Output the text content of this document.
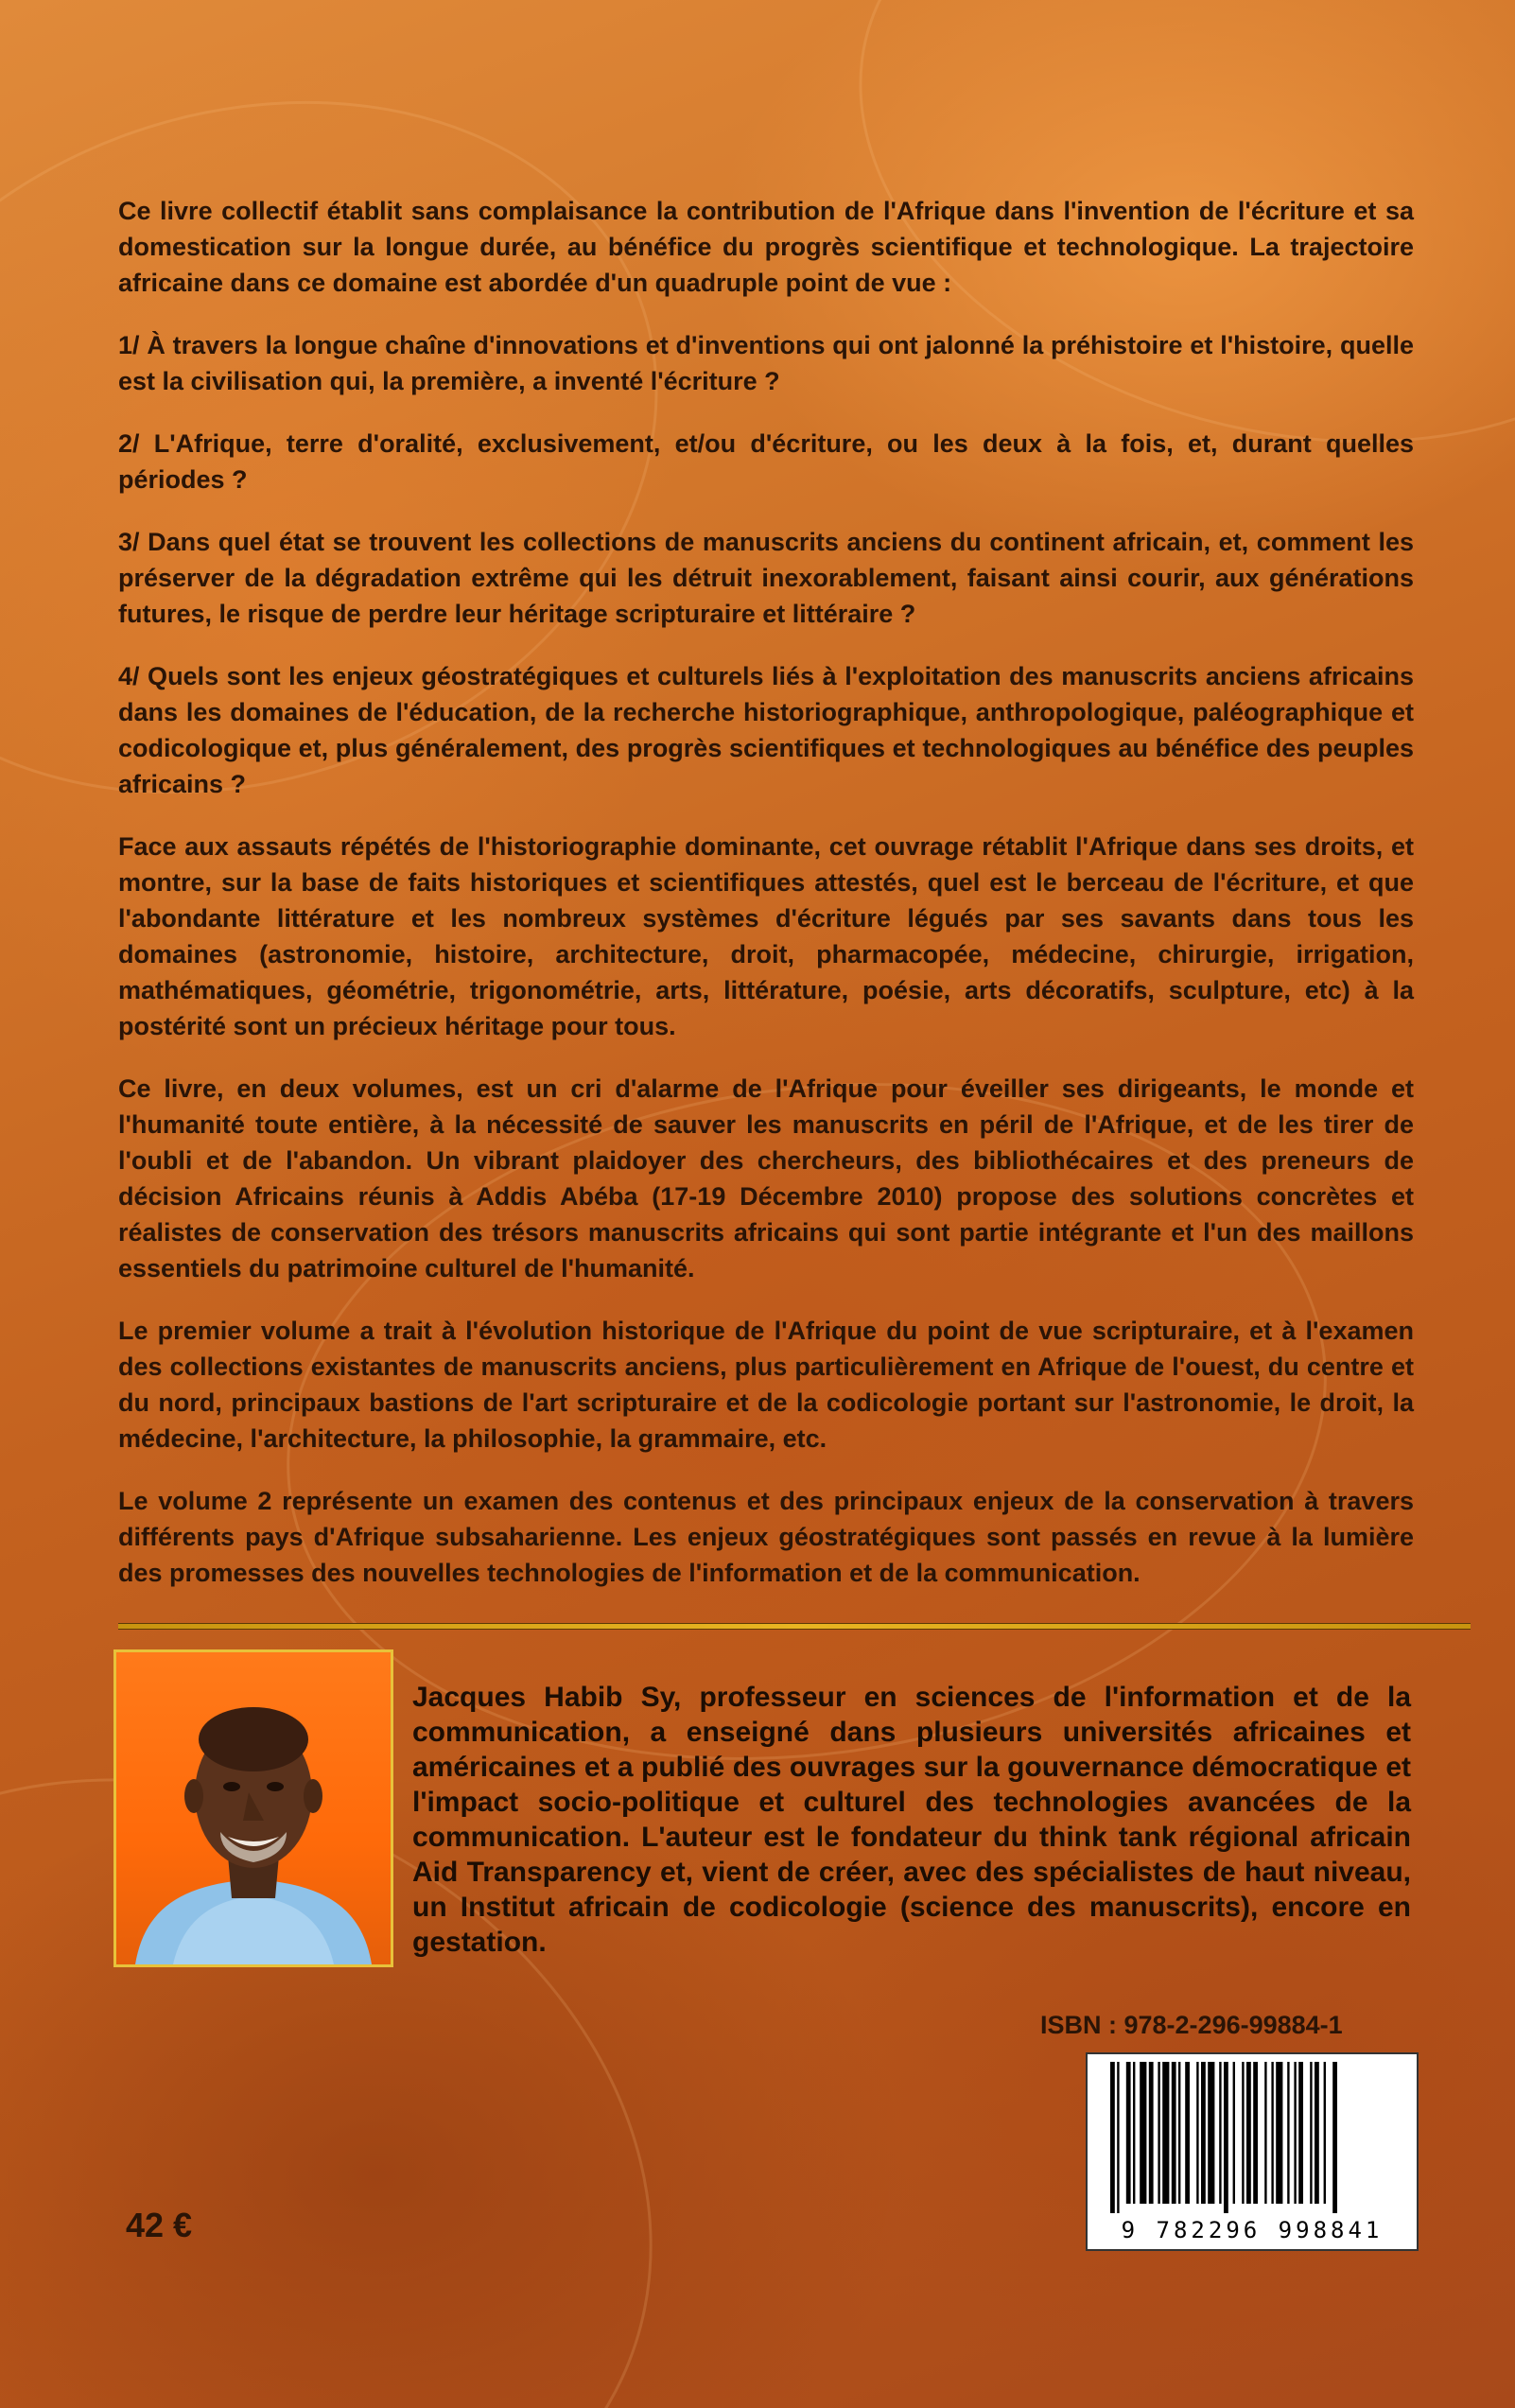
Ce livre collectif établit sans complaisance la contribution de l'Afrique dans l'invention de l'écriture et sa domestication sur la longue durée, au bénéfice du progrès scientifique et technologique. La trajectoire africaine dans ce domaine est abordée d'un quadruple point de vue :

1/ À travers la longue chaîne d'innovations et d'inventions qui ont jalonné la préhistoire et l'histoire, quelle est la civilisation qui, la première, a inventé l'écriture ?

2/ L'Afrique, terre d'oralité, exclusivement, et/ou d'écriture, ou les deux à la fois, et, durant quelles périodes ?

3/ Dans quel état se trouvent les collections de manuscrits anciens du continent africain, et, comment les préserver de la dégradation extrême qui les détruit inexorablement, faisant ainsi courir, aux générations futures, le risque de perdre leur héritage scripturaire et littéraire ?

4/ Quels sont les enjeux géostratégiques et culturels liés à l'exploitation des manuscrits anciens africains dans les domaines de l'éducation, de la recherche historiographique, anthropologique, paléographique et codicologique et, plus généralement, des progrès scientifiques et technologiques au bénéfice des peuples africains ?

Face aux assauts répétés de l'historiographie dominante, cet ouvrage rétablit l'Afrique dans ses droits, et montre, sur la base de faits historiques et scientifiques attestés, quel est le berceau de l'écriture, et que l'abondante littérature et les nombreux systèmes d'écriture légués par ses savants dans tous les domaines (astronomie, histoire, architecture, droit, pharmacopée, médecine, chirurgie, irrigation, mathématiques, géométrie, trigonométrie, arts, littérature, poésie, arts décoratifs, sculpture, etc) à la postérité sont un précieux héritage pour tous.

Ce livre, en deux volumes, est un cri d'alarme de l'Afrique pour éveiller ses dirigeants, le monde et l'humanité toute entière, à la nécessité de sauver les manuscrits en péril de l'Afrique, et de les tirer de l'oubli et de l'abandon. Un vibrant plaidoyer des chercheurs, des bibliothécaires et des preneurs de décision Africains réunis à Addis Abéba (17-19 Décembre 2010) propose des solutions concrètes et réalistes de conservation des trésors manuscrits africains qui sont partie intégrante et l'un des maillons essentiels du patrimoine culturel de l'humanité.

Le premier volume a trait à l'évolution historique de l'Afrique du point de vue scripturaire, et à l'examen des collections existantes de manuscrits anciens, plus particulièrement en Afrique de l'ouest, du centre et du nord, principaux bastions de l'art scripturaire et de la codicologie portant sur l'astronomie, le droit, la médecine, l'architecture, la philosophie, la grammaire, etc.

Le volume 2 représente un examen des contenus et des principaux enjeux de la conservation à travers différents pays d'Afrique subsaharienne. Les enjeux géostratégiques sont passés en revue à la lumière des promesses des nouvelles technologies de l'information et de la communication.

Jacques Habib Sy, professeur en sciences de l'information et de la communication, a enseigné dans plusieurs universités africaines et américaines et a publié des ouvrages sur la gouvernance démocratique et l'impact socio-politique et culturel des technologies avancées de la communication. L'auteur est le fondateur du think tank régional africain Aid Transparency et, vient de créer, avec des spécialistes de haut niveau, un Institut africain de codicologie (science des manuscrits), encore en gestation.

ISBN : 978-2-296-99884-1
9 782296 998841
42 €
